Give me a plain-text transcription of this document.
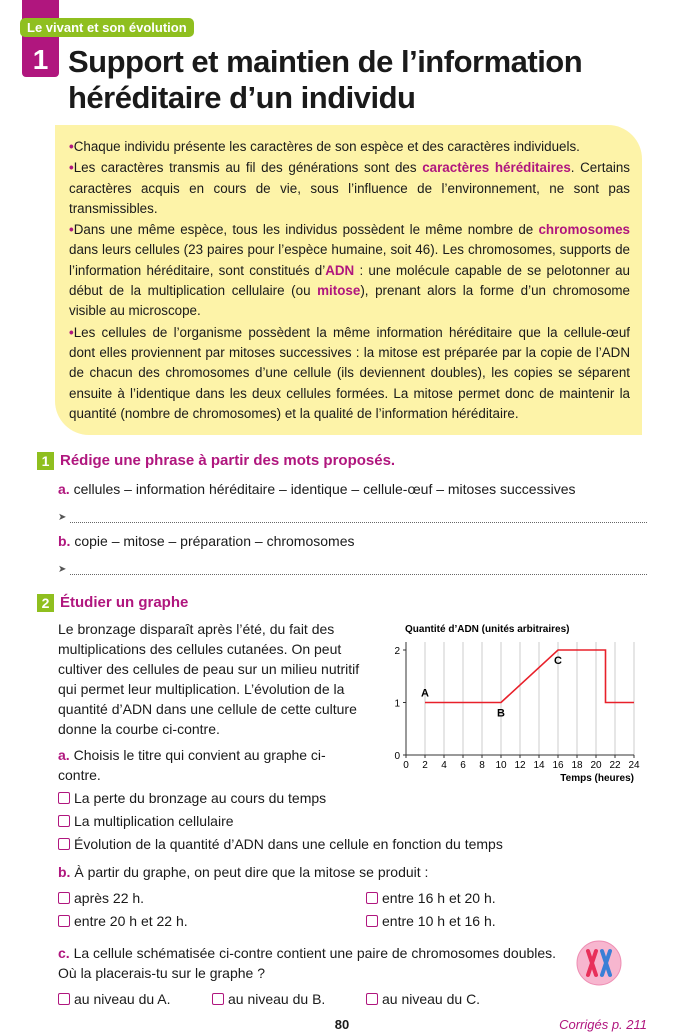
1
Le vivant et son évolution
Support et maintien de l’information
héréditaire d’un individu

•Chaque individu présente les caractères de son espèce et des caractères individuels.

•Les caractères transmis au fil des générations sont des caractères héréditaires. Certains caractères acquis en cours de vie, sous l’influence de l’environnement, ne sont pas transmissibles.

•Dans une même espèce, tous les individus possèdent le même nombre de chromosomes dans leurs cellules (23 paires pour l’espèce humaine, soit 46). Les chromosomes, supports de l’information héréditaire, sont constitués d’ADN : une molécule capable de se pelotonner au début de la multiplication cellulaire (ou mitose), prenant alors la forme d’un chromosome visible au microscope.

•Les cellules de l’organisme possèdent la même information héréditaire que la cellule-œuf dont elles proviennent par mitoses successives : la mitose est préparée par la copie de l’ADN de chacun des chromosomes d’une cellule (ils deviennent doubles), les copies se séparent ensuite à l’identique dans les deux cellules formées. La mitose permet donc de maintenir la quantité (nombre de chromosomes) et la qualité de l’information héréditaire.

1 Rédige une phrase à partir des mots proposés.
a. cellules – information héréditaire – identique – cellule-œuf – mitoses successives
➤
b. copie – mitose – préparation – chromosomes
➤
2 Étudier un graphe
Le bronzage disparaît après l’été, du fait des multiplications des cellules cutanées. On peut cultiver des cellules de peau sur un milieu nutritif qui permet leur multiplication. L’évolution de la quantité d’ADN dans une cellule de cette culture donne la courbe ci-contre.
a. Choisis le titre qui convient au graphe ci-contre.
La perte du bronzage au cours du temps
La multiplication cellulaire
Quantité d’ADN (unités arbitraires)
0 2 4 6 8 10 12 14 16 18 20 22 24
0
1
2
A
B
C
Temps (heures)
Évolution de la quantité d’ADN dans une cellule en fonction du temps
b. À partir du graphe, on peut dire que la mitose se produit :
après 22 h.	entre 16 h et 20 h.
entre 20 h et 22 h.	entre 10 h et 16 h.
c. La cellule schématisée ci-contre contient une paire de chromosomes doubles.
Où la placerais-tu sur le graphe ?
au niveau du A.	au niveau du B.	au niveau du C.
80	Corrigés p. 211
